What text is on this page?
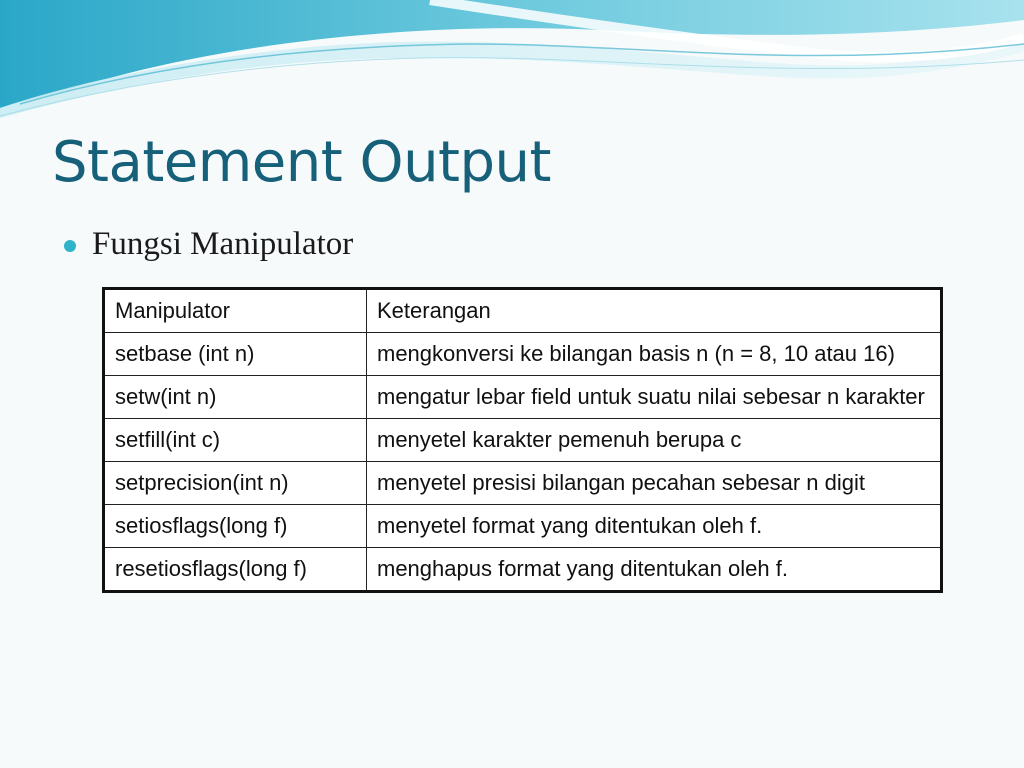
Statement Output
Fungsi Manipulator
Manipulator	Keterangan
setbase (int n)	mengkonversi ke bilangan basis n (n = 8, 10 atau 16)
setw(int n)	mengatur lebar field untuk suatu nilai sebesar n karakter
setfill(int c)	menyetel karakter pemenuh berupa c
setprecision(int n)	menyetel presisi bilangan pecahan sebesar n digit
setiosflags(long f)	menyetel format yang ditentukan oleh f.
resetiosflags(long f)	menghapus format yang ditentukan oleh f.
